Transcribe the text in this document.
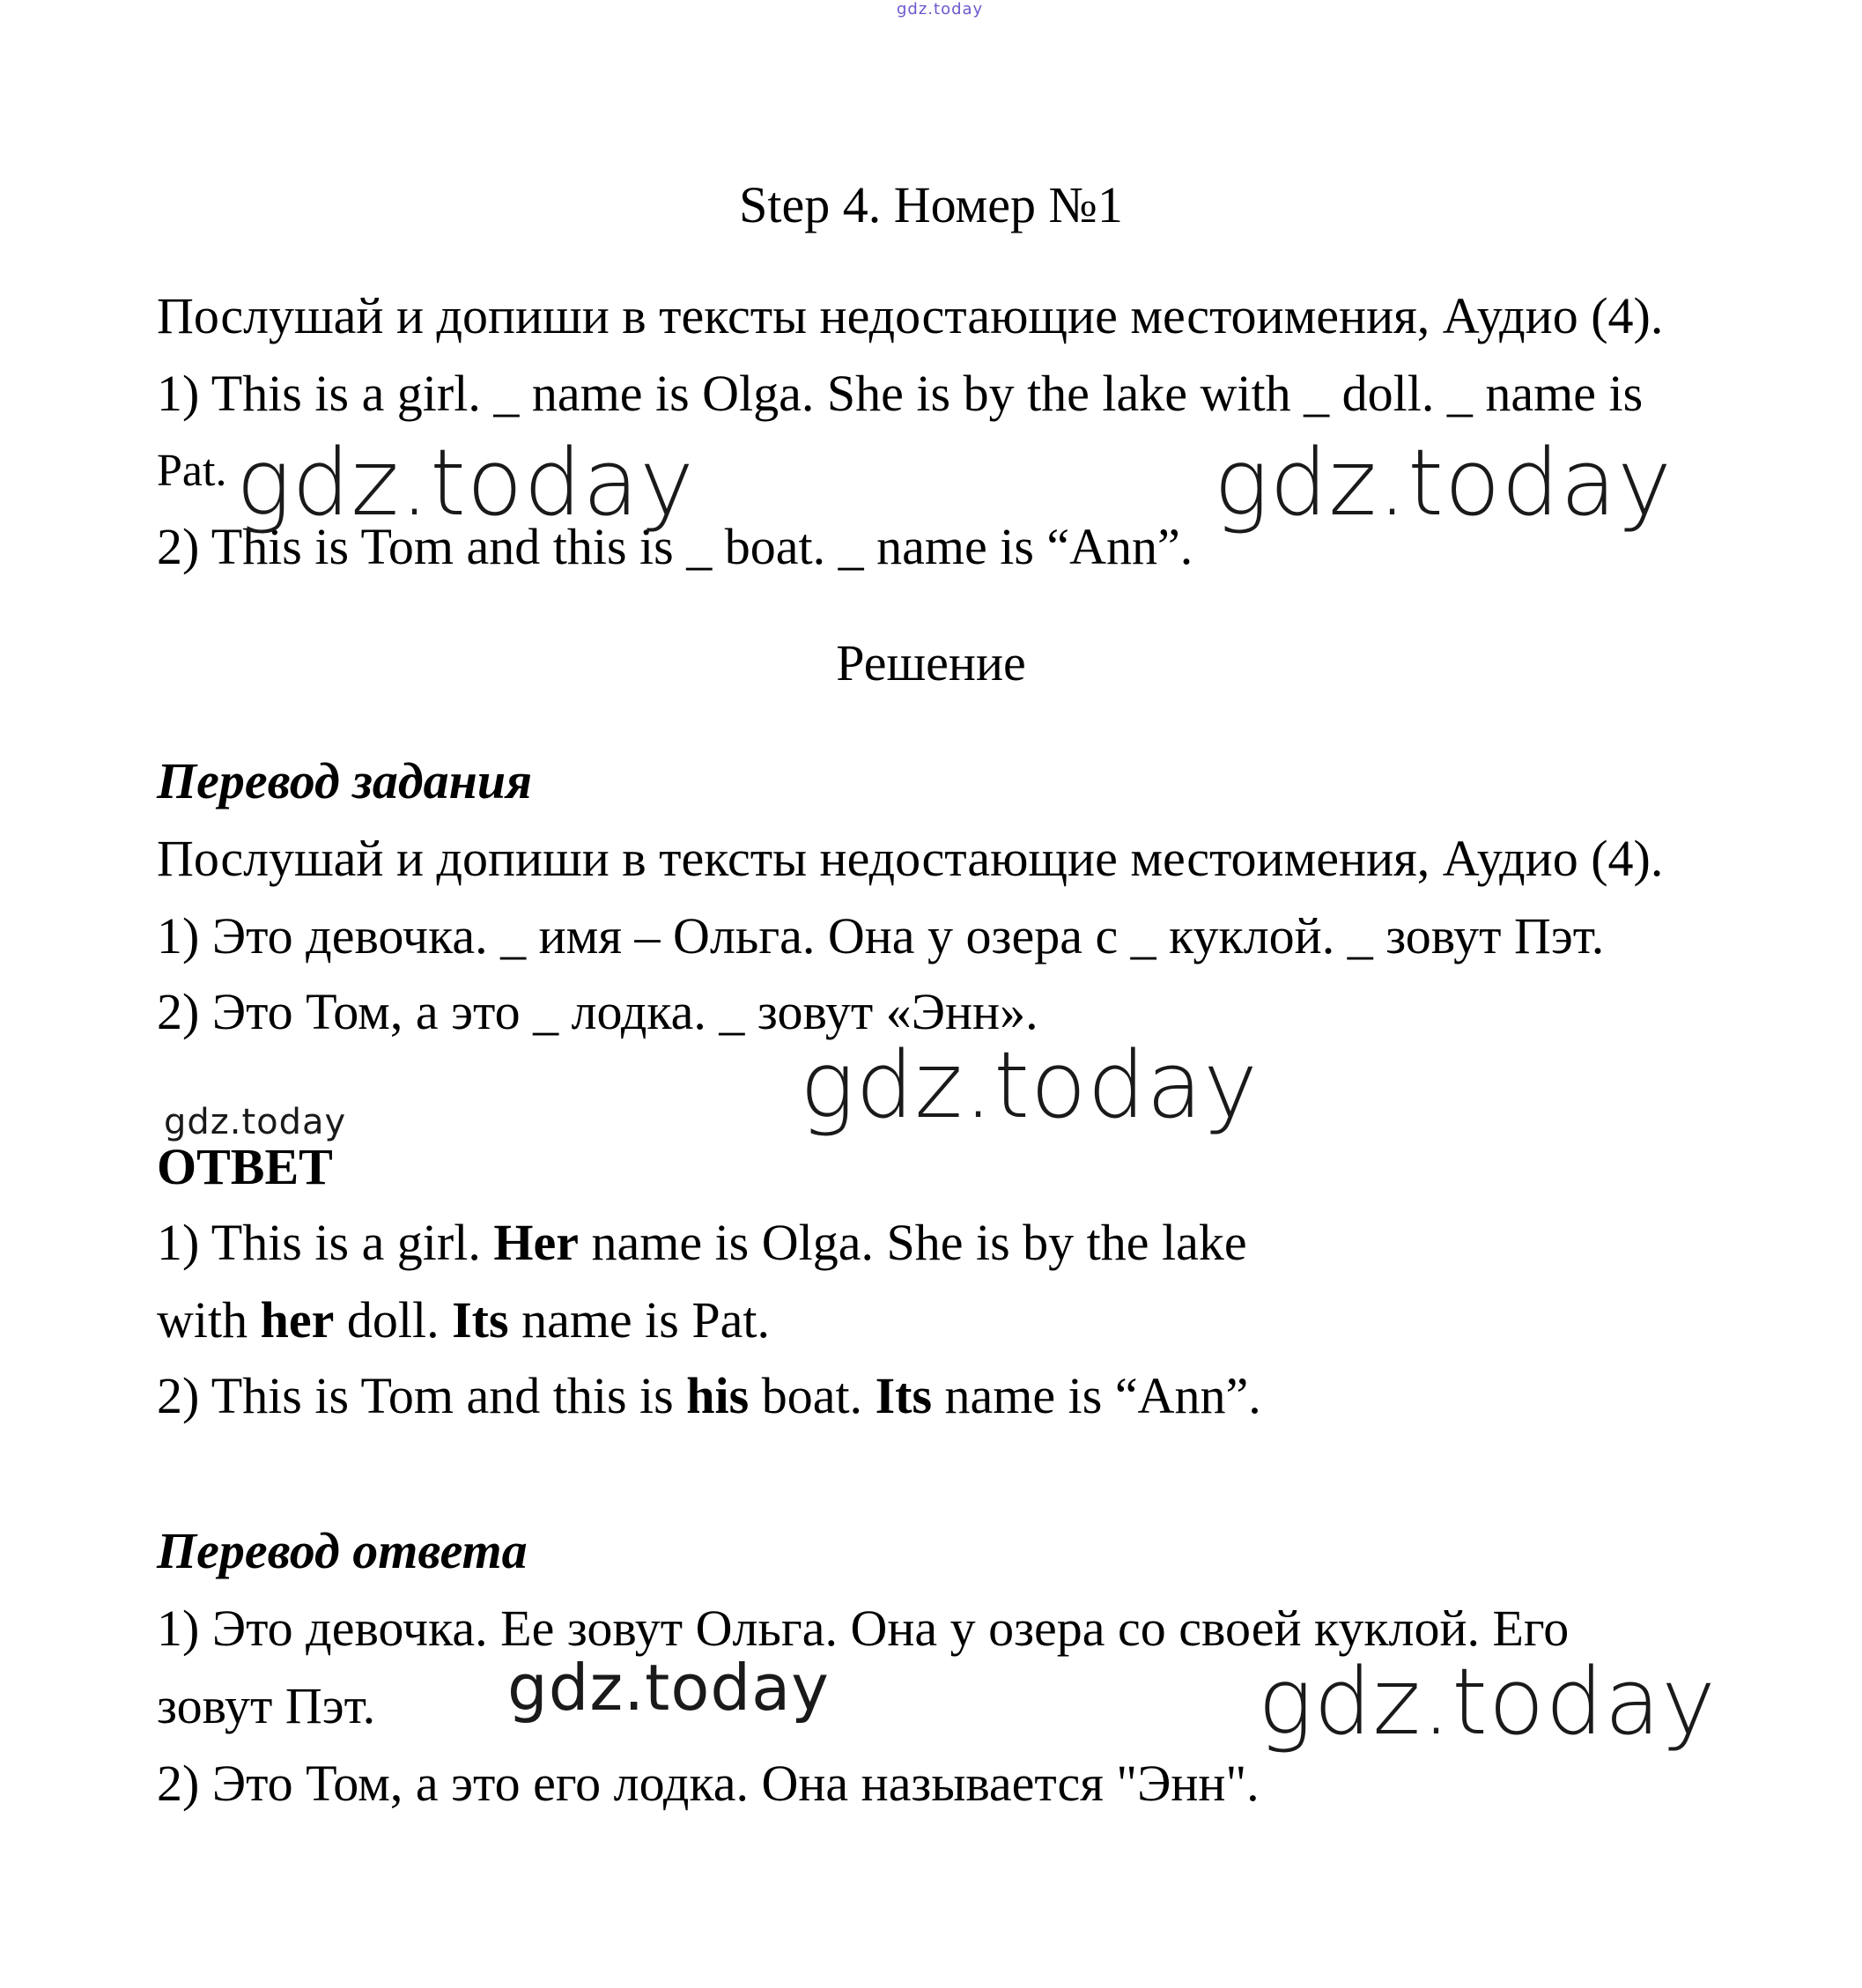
gdz.today
Step 4. Номер №1
Послушай и допиши в тексты недостающие местоимения, Аудио (4).
1) This is a girl. _ name is Olga. She is by the lake with _ doll. _ name is
Pat.
2) This is Tom and this is _ boat. _ name is “Ann”.
Решение
Перевод задания
Послушай и допиши в тексты недостающие местоимения, Аудио (4).
1) Это девочка. _ имя – Ольга. Она у озера с _ куклой. _ зовут Пэт.
2) Это Том, а это _ лодка. _ зовут «Энн».
ОТВЕТ
1) This is a girl. Her name is Olga. She is by the lake
with her doll. Its name is Pat.
2) This is Tom and this is his boat. Its name is “Ann”.
Перевод ответа
1) Это девочка. Ее зовут Ольга. Она у озера со своей куклой. Его
зовут Пэт.
2) Это Том, а это его лодка. Она называется "Энн".
gdz.today	gdz.today
gdz.today
gdz.today
gdz.today	gdz.today
